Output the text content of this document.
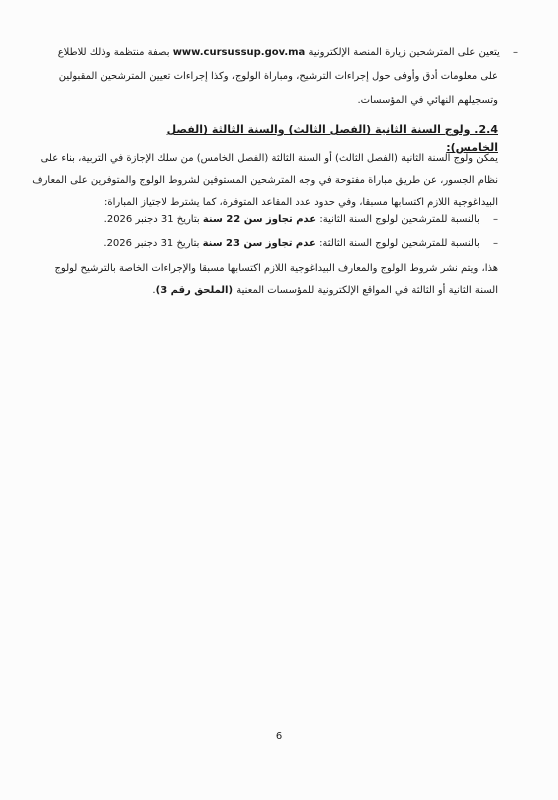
– يتعين على المترشحين زيارة المنصة الإلكترونية www.cursussup.gov.ma بصفة منتظمة وذلك للاطلاع
على معلومات أدق وأوفى حول إجراءات الترشيح، ومباراة الولوج، وكذا إجراءات تعيين المترشحين المقبولين
وتسجيلهم النهائي في المؤسسات.
2.4. ولوج السنة الثانية (الفصل الثالث) والسنة الثالثة (الفصل الخامس):
يمكن ولوج السنة الثانية (الفصل الثالث) أو السنة الثالثة (الفصل الخامس) من سلك الإجازة في التربية، بناء على
نظام الجسور، عن طريق مباراة مفتوحة في وجه المترشحين المستوفين لشروط الولوج والمتوفرين على المعارف
البيداغوجية اللازم اكتسابها مسبقا، وفي حدود عدد المقاعد المتوفرة، كما يشترط لاجتياز المباراة:
– بالنسبة للمترشحين لولوج السنة الثانية: عدم تجاوز سن 22 سنة بتاريخ 31 دجنبر 2026.
– بالنسبة للمترشحين لولوج السنة الثالثة: عدم تجاوز سن 23 سنة بتاريخ 31 دجنبر 2026.
هذا، ويتم نشر شروط الولوج والمعارف البيداغوجية اللازم اكتسابها مسبقا والإجراءات الخاصة بالترشيح لولوج
السنة الثانية أو الثالثة في المواقع الإلكترونية للمؤسسات المعنية (الملحق رقم 3).
6
